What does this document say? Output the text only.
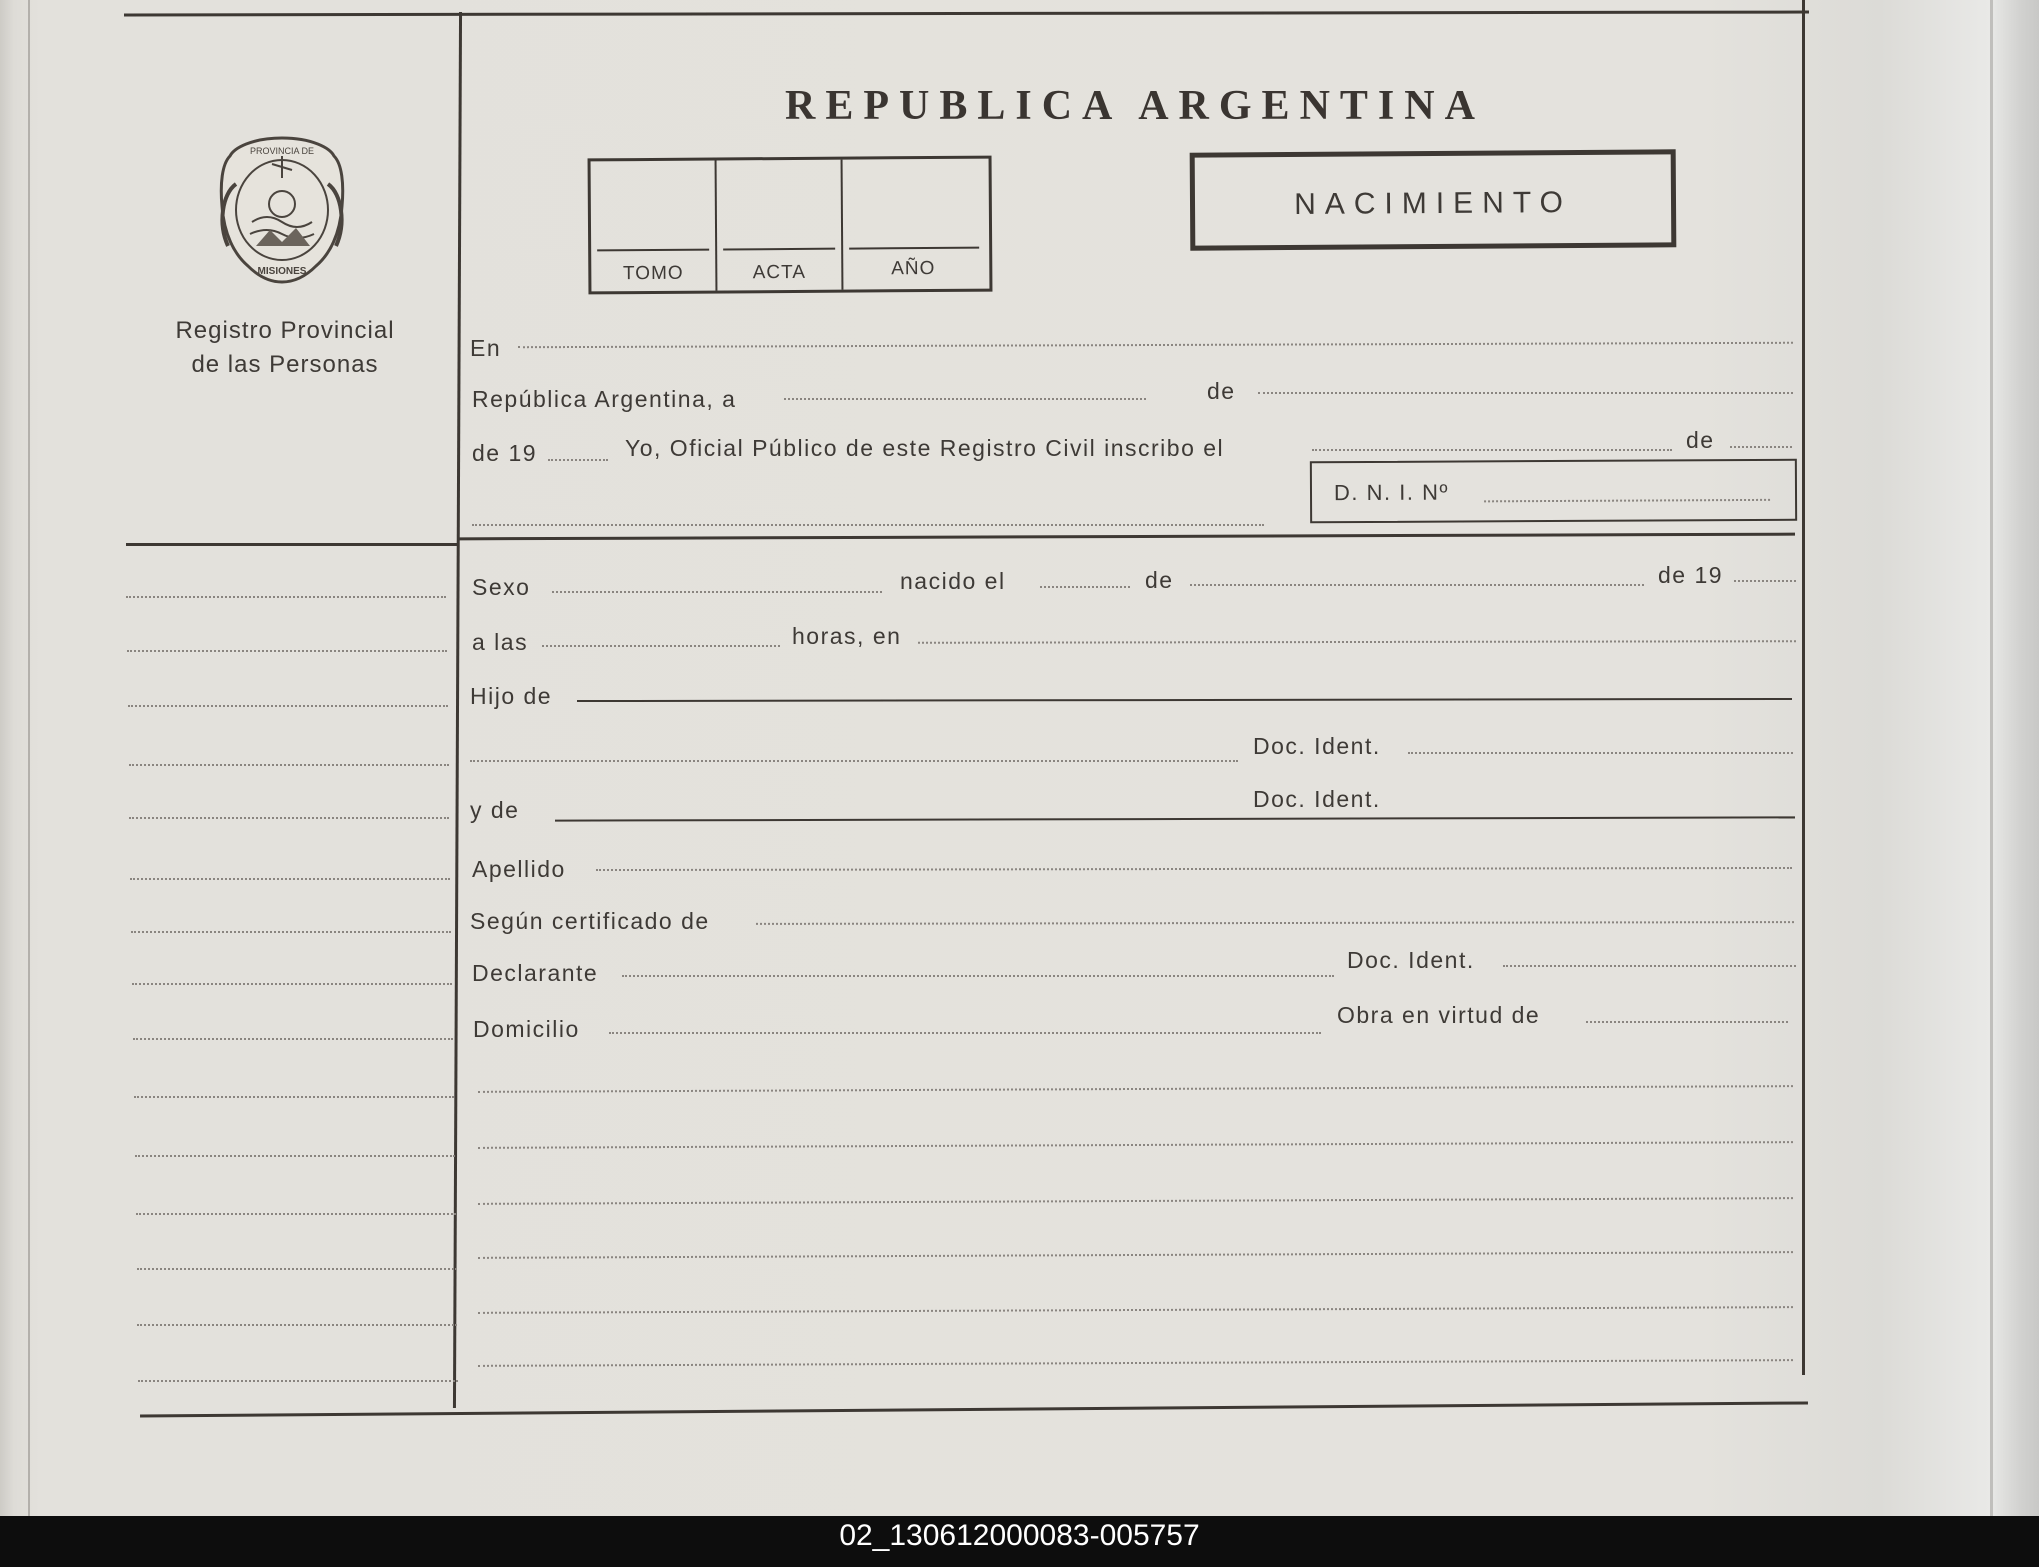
PROVINCIA DE
MISIONES
Registro Provincial
de las Personas
REPUBLICA ARGENTINA
TOMO	ACTA	AÑO
NACIMIENTO
En
República Argentina, a	de
de 19	Yo, Oficial Público de este Registro Civil inscribo el	de
D. N. I. Nº
Sexo	nacido el	de	de 19
a las	horas, en
Hijo de
Doc. Ident.
y de	Doc. Ident.
Apellido
Según certificado de
Declarante	Doc. Ident.
Domicilio
Obra en virtud de
02_130612000083-005757
